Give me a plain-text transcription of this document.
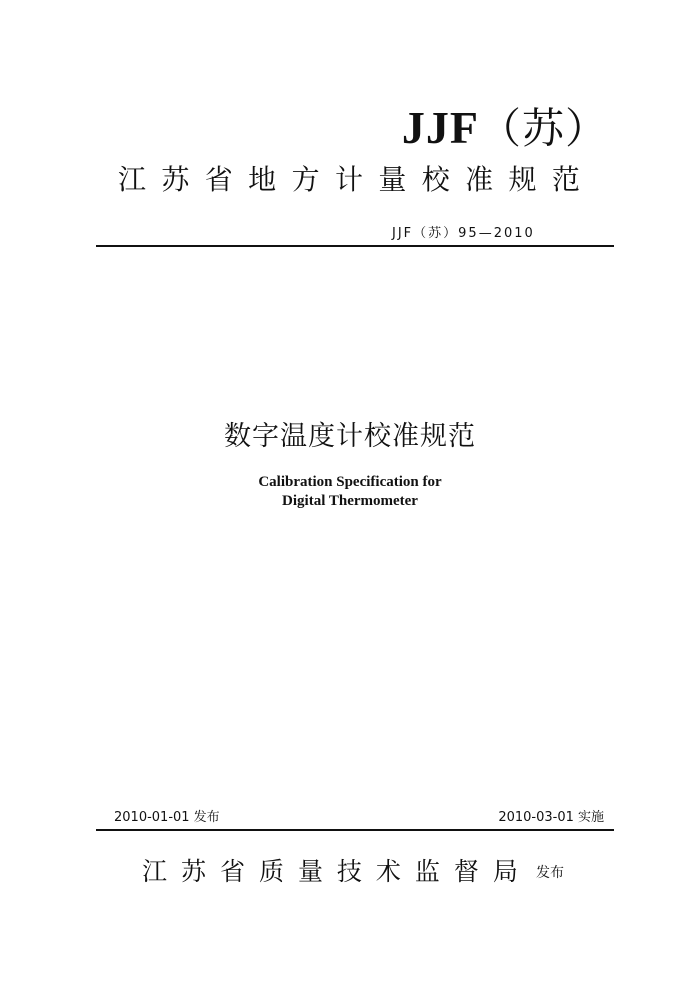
JJF（苏）
江 苏 省 地 方 计 量 校 准 规 范
JJF（苏）95—2010
数字温度计校准规范
Calibration Specification for
Digital Thermometer
2010-01-01 发布	2010-03-01 实施
江 苏 省 质 量 技 术 监 督 局 发布
